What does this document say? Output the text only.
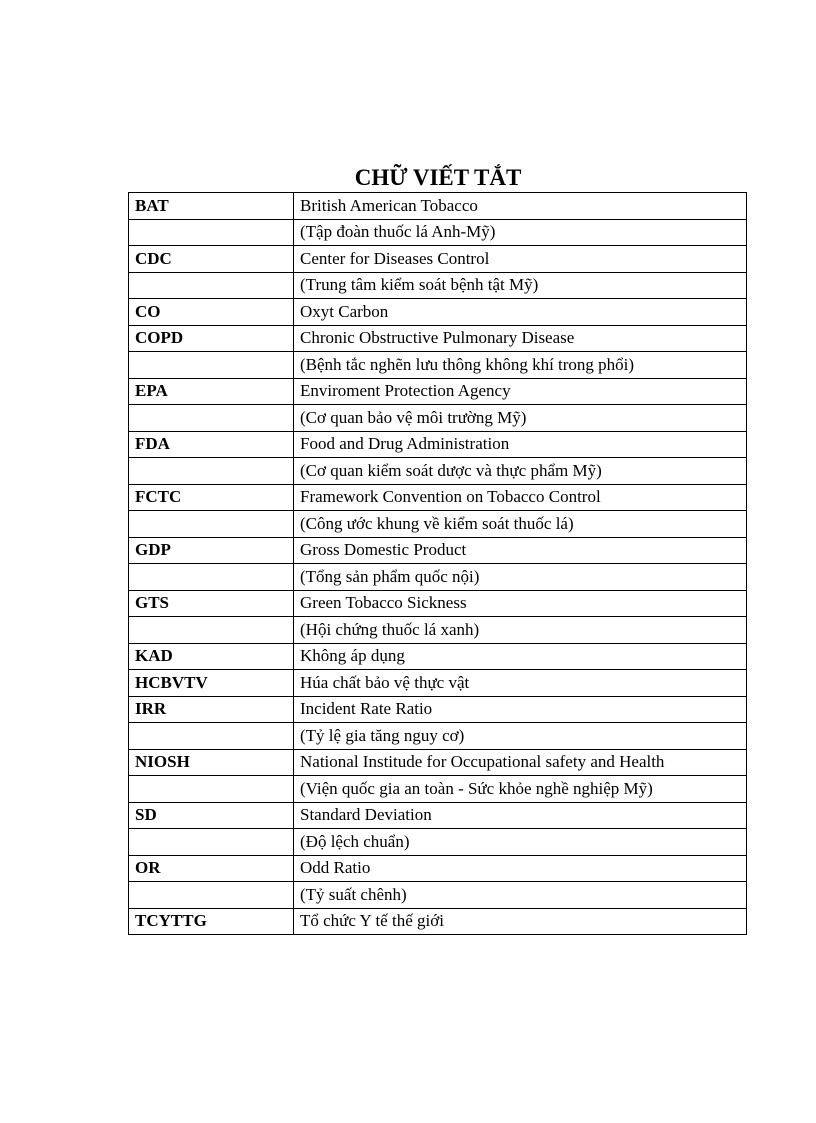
CHỮ VIẾT TẮT
BAT	British American Tobacco
	(Tập đoàn thuốc lá Anh-Mỹ)
CDC	Center for Diseases Control
	(Trung tâm kiểm soát bệnh tật Mỹ)
CO	Oxyt Carbon
COPD	Chronic Obstructive Pulmonary Disease
	(Bệnh tắc nghẽn lưu thông không khí trong phổi)
EPA	Enviroment Protection Agency
	(Cơ quan bảo vệ môi trường Mỹ)
FDA	Food and Drug Administration
	(Cơ quan kiểm soát dược và thực phẩm Mỹ)
FCTC	Framework Convention on Tobacco Control
	(Công ước khung về kiểm soát thuốc lá)
GDP	Gross Domestic Product
	(Tổng sản phẩm quốc nội)
GTS	Green Tobacco Sickness
	(Hội chứng thuốc lá xanh)
KAD	Không áp dụng
HCBVTV	Húa chất bảo vệ thực vật
IRR	Incident Rate Ratio
	(Tỷ lệ gia tăng nguy cơ)
NIOSH	National Institude for Occupational safety and Health
	(Viện quốc gia an toàn - Sức khỏe nghề nghiệp Mỹ)
SD	Standard Deviation
	(Độ lệch chuẩn)
OR	Odd Ratio
	(Tỷ suất chênh)
TCYTTG	Tổ chức Y tế thế giới
